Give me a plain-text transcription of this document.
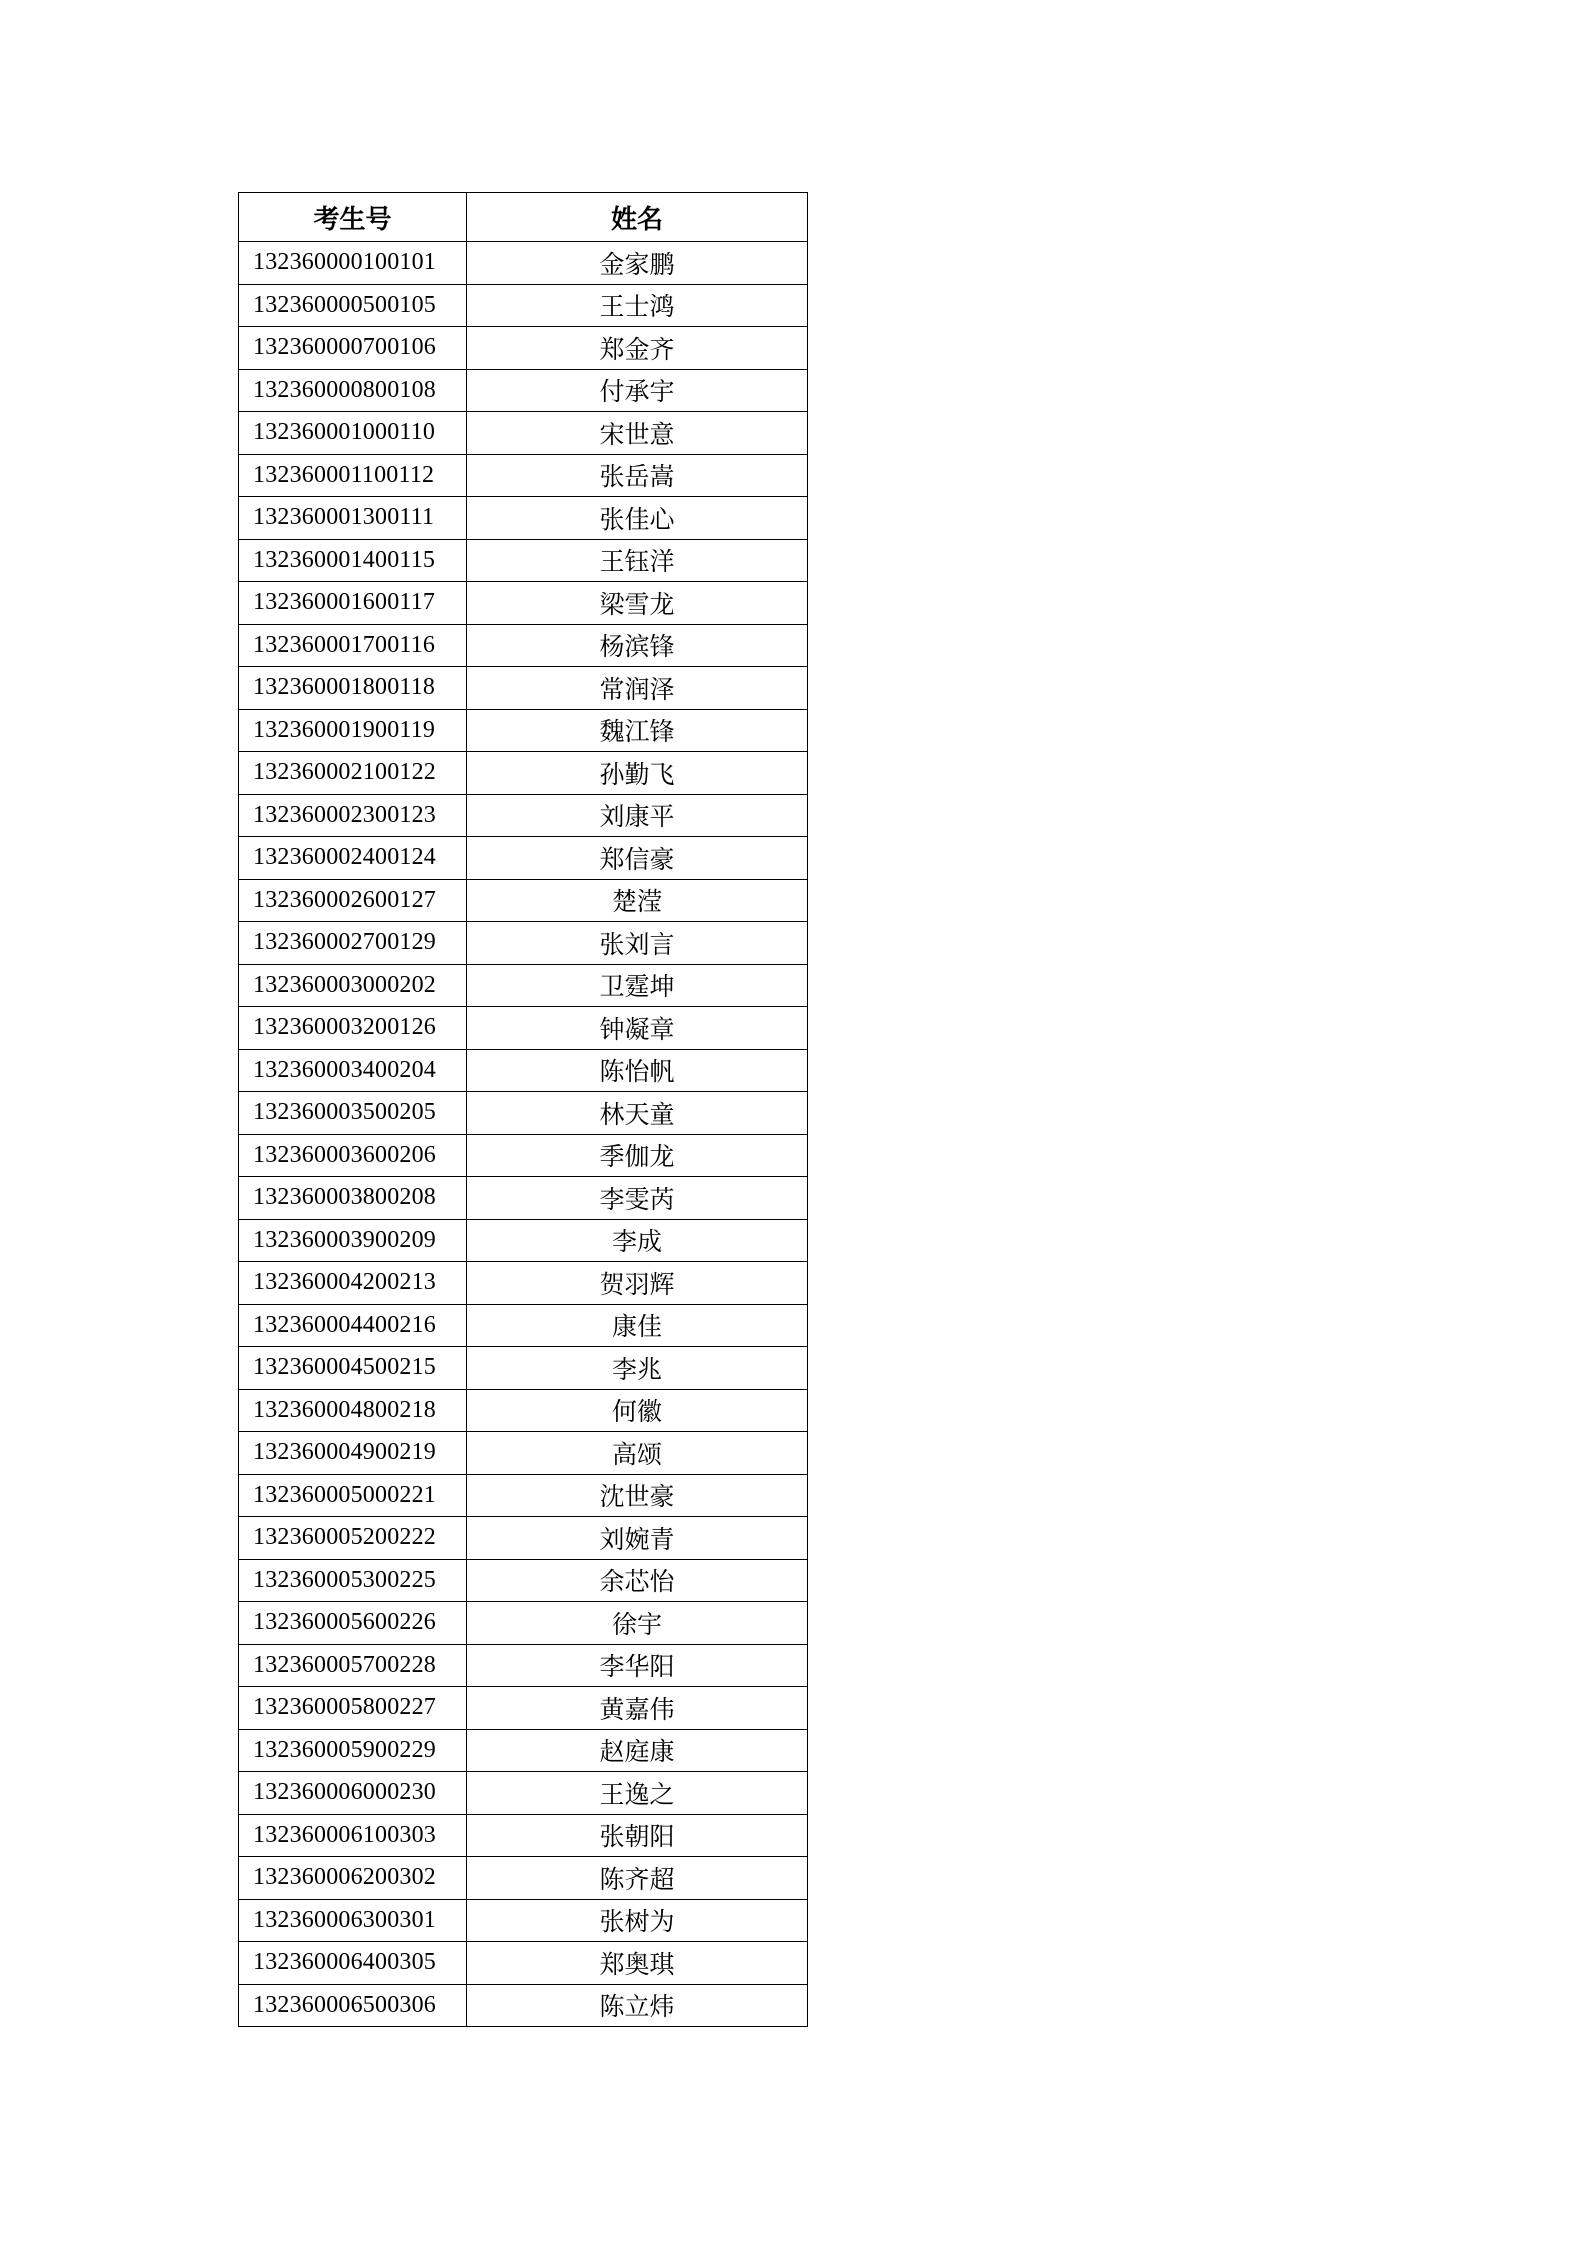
考生号	姓名
132360000100101	金家鹏
132360000500105	王士鸿
132360000700106	郑金齐
132360000800108	付承宇
132360001000110	宋世意
132360001100112	张岳嵩
132360001300111	张佳心
132360001400115	王钰洋
132360001600117	梁雪龙
132360001700116	杨滨锋
132360001800118	常润泽
132360001900119	魏江锋
132360002100122	孙勤飞
132360002300123	刘康平
132360002400124	郑信豪
132360002600127	楚滢
132360002700129	张刘言
132360003000202	卫霆坤
132360003200126	钟凝章
132360003400204	陈怡帆
132360003500205	林天童
132360003600206	季伽龙
132360003800208	李雯芮
132360003900209	李成
132360004200213	贺羽辉
132360004400216	康佳
132360004500215	李兆
132360004800218	何徽
132360004900219	高颂
132360005000221	沈世豪
132360005200222	刘婉青
132360005300225	余芯怡
132360005600226	徐宇
132360005700228	李华阳
132360005800227	黄嘉伟
132360005900229	赵庭康
132360006000230	王逸之
132360006100303	张朝阳
132360006200302	陈齐超
132360006300301	张树为
132360006400305	郑奥琪
132360006500306	陈立炜
